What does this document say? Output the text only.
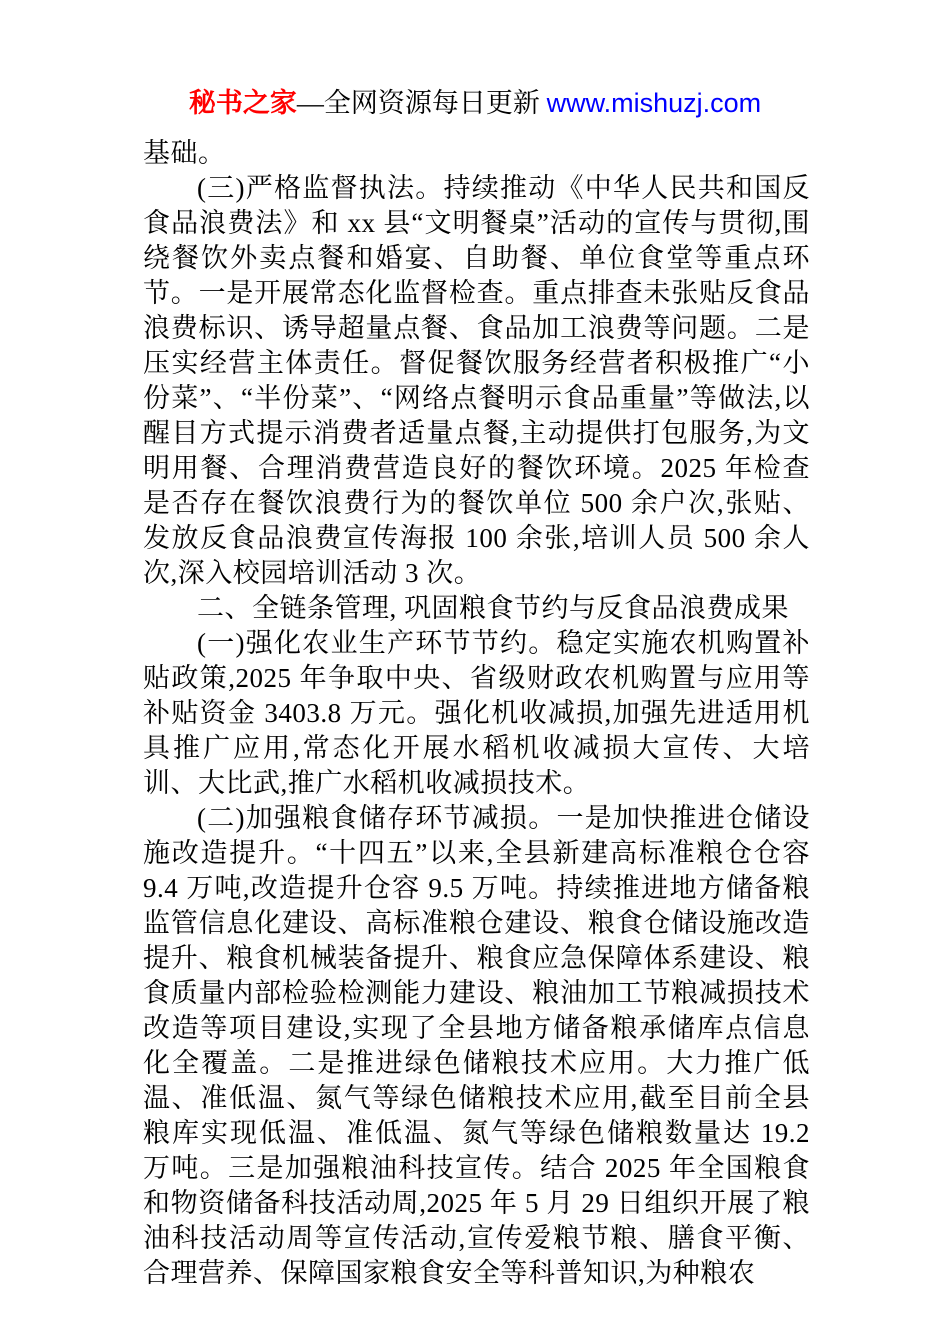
秘书之家—全网资源每日更新 www.mishuzj.com

基础。

(三)严格监督执法。持续推动《中华人民共和国反食品浪费法》和 xx 县“文明餐桌”活动的宣传与贯彻,围绕餐饮外卖点餐和婚宴、自助餐、单位食堂等重点环节。一是开展常态化监督检查。重点排查未张贴反食品浪费标识、诱导超量点餐、食品加工浪费等问题。二是压实经营主体责任。督促餐饮服务经营者积极推广“小份菜”、“半份菜”、“网络点餐明示食品重量”等做法,以醒目方式提示消费者适量点餐,主动提供打包服务,为文明用餐、合理消费营造良好的餐饮环境。2025 年检查是否存在餐饮浪费行为的餐饮单位 500 余户次,张贴、发放反食品浪费宣传海报 100 余张,培训人员 500 余人次,深入校园培训活动 3 次。

二、全链条管理, 巩固粮食节约与反食品浪费成果

(一)强化农业生产环节节约。稳定实施农机购置补贴政策,2025 年争取中央、省级财政农机购置与应用等补贴资金 3403.8 万元。强化机收减损,加强先进适用机具推广应用,常态化开展水稻机收减损大宣传、大培训、大比武,推广水稻机收减损技术。

(二)加强粮食储存环节减损。一是加快推进仓储设施改造提升。“十四五”以来,全县新建高标准粮仓仓容 9.4 万吨,改造提升仓容 9.5 万吨。持续推进地方储备粮监管信息化建设、高标准粮仓建设、粮食仓储设施改造提升、粮食机械装备提升、粮食应急保障体系建设、粮食质量内部检验检测能力建设、粮油加工节粮减损技术改造等项目建设,实现了全县地方储备粮承储库点信息化全覆盖。二是推进绿色储粮技术应用。大力推广低温、准低温、氮气等绿色储粮技术应用,截至目前全县粮库实现低温、准低温、氮气等绿色储粮数量达 19.2 万吨。三是加强粮油科技宣传。结合 2025 年全国粮食和物资储备科技活动周,2025 年 5 月 29 日组织开展了粮油科技活动周等宣传活动,宣传爱粮节粮、膳食平衡、合理营养、保障国家粮食安全等科普知识,为种粮农
